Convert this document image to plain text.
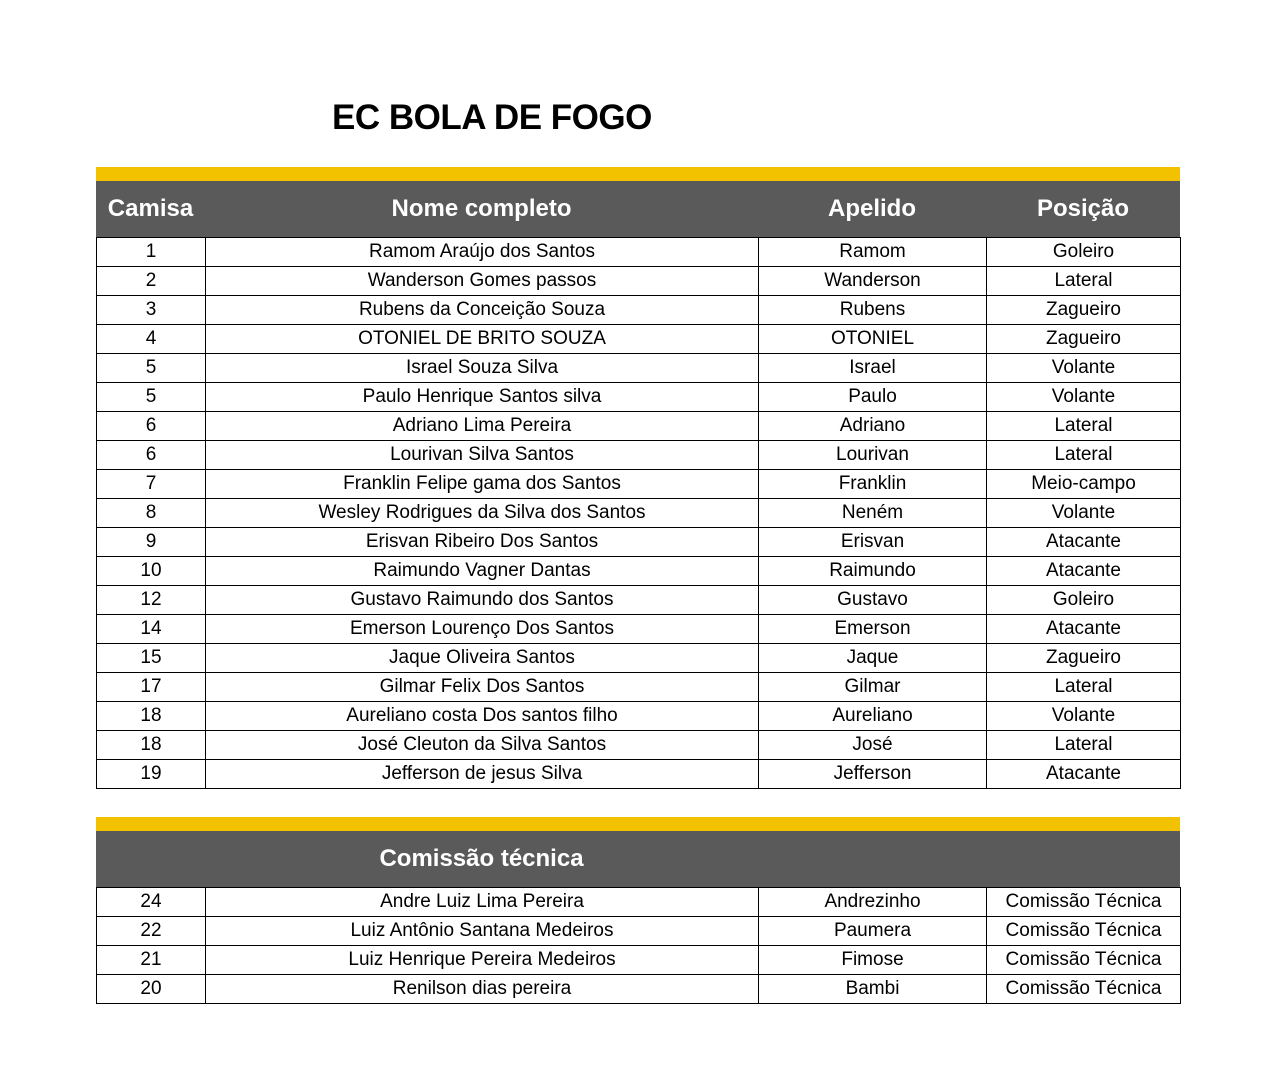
EC BOLA DE FOGO
Camisa	Nome completo	Apelido	Posição
1	Ramom Araújo dos Santos	Ramom	Goleiro
2	Wanderson Gomes passos	Wanderson	Lateral
3	Rubens da Conceição Souza	Rubens	Zagueiro
4	OTONIEL DE BRITO SOUZA	OTONIEL	Zagueiro
5	Israel Souza Silva	Israel	Volante
5	Paulo Henrique Santos silva	Paulo	Volante
6	Adriano Lima Pereira	Adriano	Lateral
6	Lourivan Silva Santos	Lourivan	Lateral
7	Franklin Felipe gama dos Santos	Franklin	Meio-campo
8	Wesley Rodrigues da Silva dos Santos	Neném	Volante
9	Erisvan Ribeiro Dos Santos	Erisvan	Atacante
10	Raimundo Vagner Dantas	Raimundo	Atacante
12	Gustavo Raimundo dos Santos	Gustavo	Goleiro
14	Emerson Lourenço Dos Santos	Emerson	Atacante
15	Jaque Oliveira Santos	Jaque	Zagueiro
17	Gilmar Felix Dos Santos	Gilmar	Lateral
18	Aureliano costa Dos santos filho	Aureliano	Volante
18	José Cleuton da Silva Santos	José	Lateral
19	Jefferson de jesus Silva	Jefferson	Atacante
Comissão técnica
24	Andre Luiz Lima Pereira	Andrezinho	Comissão Técnica
22	Luiz Antônio Santana Medeiros	Paumera	Comissão Técnica
21	Luiz Henrique Pereira Medeiros	Fimose	Comissão Técnica
20	Renilson dias pereira	Bambi	Comissão Técnica
